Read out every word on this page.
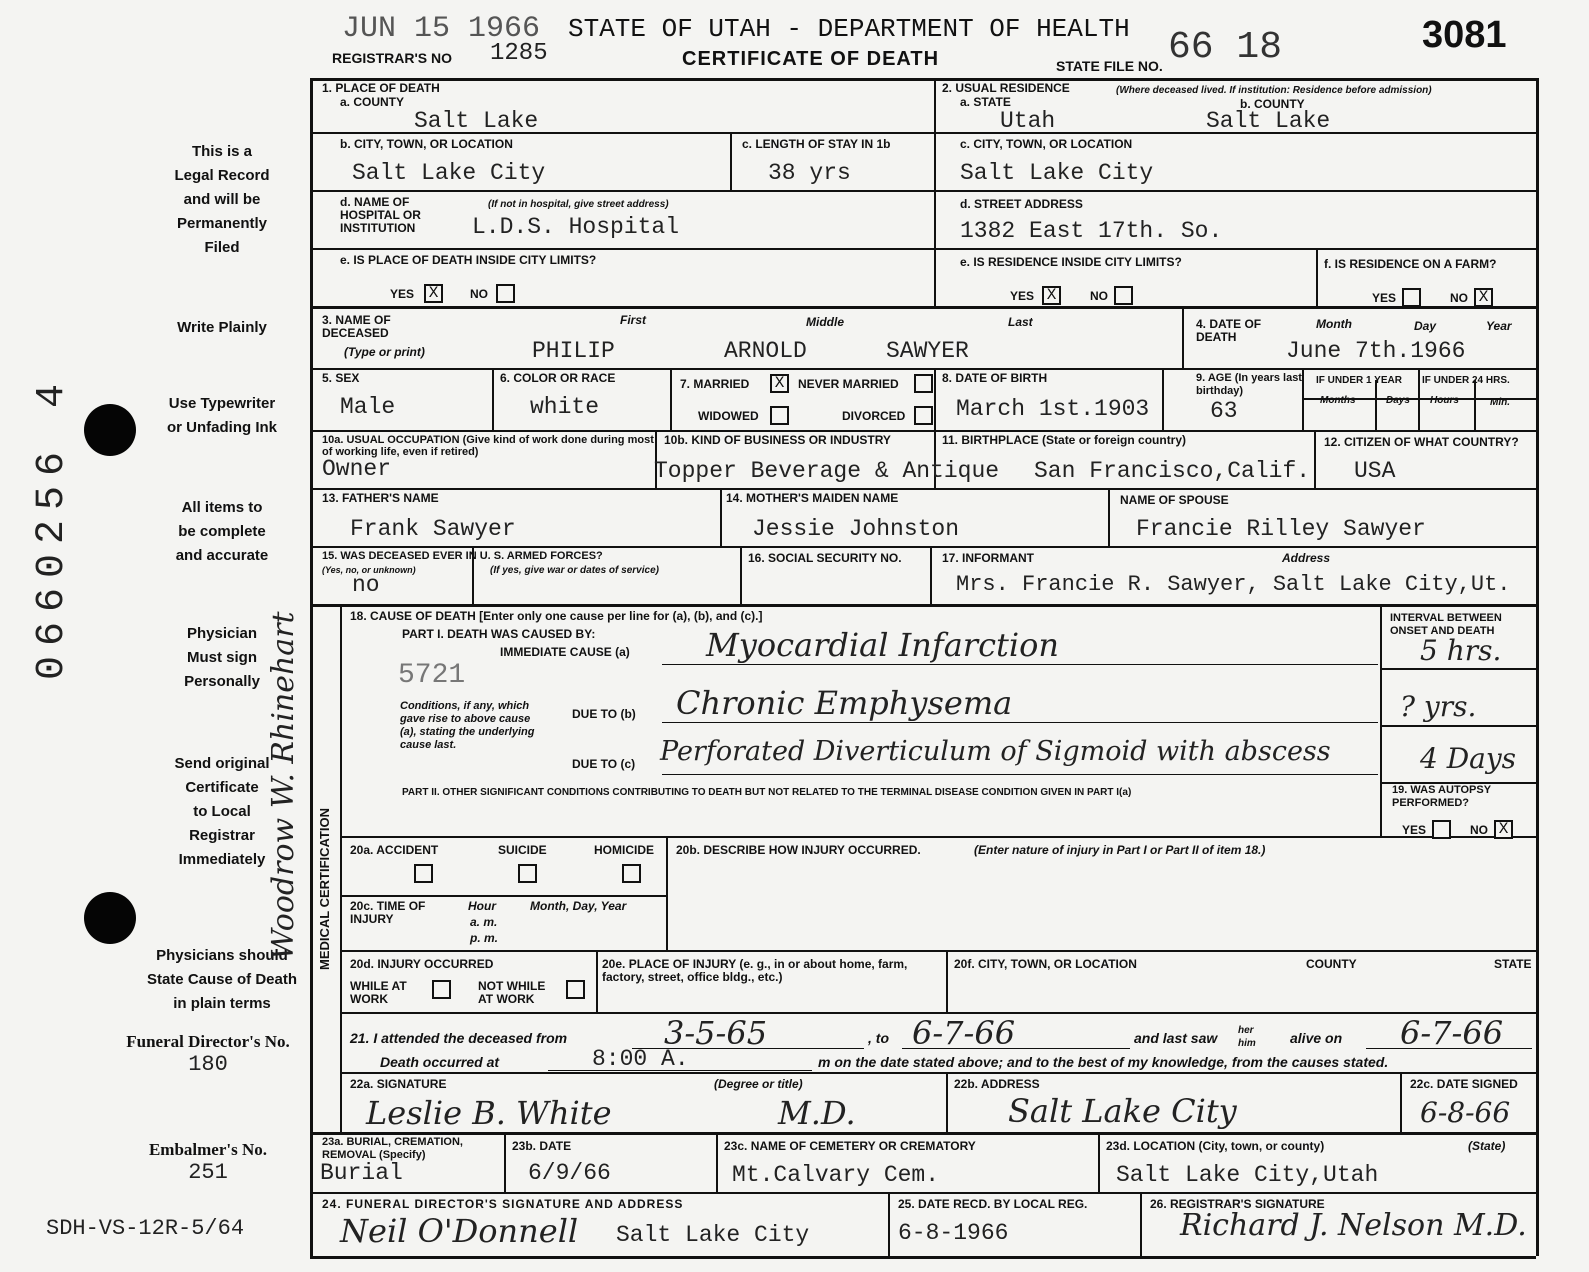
JUN 15 1966
REGISTRAR'S NO 1285
STATE OF UTAH - DEPARTMENT OF HEALTH
CERTIFICATE OF DEATH	STATE FILE NO. 66 18	3081
This is a
Legal Record
and will be
Permanently
Filed
Write Plainly
Use Typewriter
or Unfading Ink
All items to
be complete
and accurate
Physician
Must sign
Personally
Send original
Certificate
to Local
Registrar
Immediately
Physicians should
State Cause of Death
in plain terms
Funeral Director's No.
180
Embalmer's No.
251
SDH-VS-12R-5/64
0660256 4
Woodrow W. Rhinehart
1. PLACE OF DEATH
a. COUNTY
Salt Lake
2. USUAL RESIDENCE	(Where deceased lived. If institution: Residence before admission)
a. STATE	b. COUNTY
Utah	Salt Lake
b. CITY, TOWN, OR LOCATION
Salt Lake City
c. LENGTH OF STAY IN 1b
38 yrs
c. CITY, TOWN, OR LOCATION
Salt Lake City
d. NAME OF HOSPITAL OR INSTITUTION
(If not in hospital, give street address)
L.D.S. Hospital
d. STREET ADDRESS
1382 East 17th. So.
e. IS PLACE OF DEATH INSIDE CITY LIMITS?
YES X	NO
e. IS RESIDENCE INSIDE CITY LIMITS?
YES X	NO
f. IS RESIDENCE ON A FARM?
YES	NO X
3. NAME OF DECEASED
(Type or print)
First	Middle	Last
PHILIP	ARNOLD	SAWYER
4. DATE OF DEATH
Month	Day	Year
June 7th.1966
5. SEX
Male
6. COLOR OR RACE
white
7. MARRIED X	NEVER MARRIED
WIDOWED	DIVORCED
8. DATE OF BIRTH
March 1st.1903
9. AGE (In years last birthday)
63
IF UNDER 1 YEAR IF UNDER 24 HRS.
Months	Days Hours	Min.
10a. USUAL OCCUPATION (Give kind of work done during most of working life, even if retired)
Owner
10b. KIND OF BUSINESS OR INDUSTRY
Topper Beverage & Antique
11. BIRTHPLACE (State or foreign country)
San Francisco,Calif.
12. CITIZEN OF WHAT COUNTRY?
USA
13. FATHER'S NAME
Frank Sawyer
14. MOTHER'S MAIDEN NAME
Jessie Johnston
NAME OF SPOUSE
Francie Rilley Sawyer
15. WAS DECEASED EVER IN U. S. ARMED FORCES?
(Yes, no, or unknown)	(If yes, give war or dates of service)
no
16. SOCIAL SECURITY NO.	17. INFORMANT	Address
Mrs. Francie R. Sawyer, Salt Lake City,Ut.
MEDICAL CERTIFICATION
18. CAUSE OF DEATH [Enter only one cause per line for (a), (b), and (c).]
PART I. DEATH WAS CAUSED BY:
IMMEDIATE CAUSE (a) Myocardial Infarction
5721
Conditions, if any, which gave rise to above cause (a), stating the underlying cause last.
DUE TO (b) Chronic Emphysema
DUE TO (c) Perforated Diverticulum of Sigmoid with abscess
INTERVAL BETWEEN ONSET AND DEATH
5 hrs.
? yrs.
4 Days
PART II. OTHER SIGNIFICANT CONDITIONS CONTRIBUTING TO DEATH BUT NOT RELATED TO THE TERMINAL DISEASE CONDITION GIVEN IN PART I(a)	19. WAS AUTOPSY PERFORMED?
YES	NO X
20a. ACCIDENT	SUICIDE	HOMICIDE 20b. DESCRIBE HOW INJURY OCCURRED.	(Enter nature of injury in Part I or Part II of item 18.)
20c. TIME OF INJURY
Hour
a. m.
p. m.
Month, Day, Year
20d. INJURY OCCURRED
WHILE AT WORK
NOT WHILE AT WORK
20e. PLACE OF INJURY (e. g., in or about home, farm, factory, street, office bldg., etc.)
20f. CITY, TOWN, OR LOCATION	COUNTY	STATE
21. I attended the deceased from	3-5-65	, to 6-7-66	and last saw her him	alive on 6-7-66
Death occurred at	8:00 A.	m on the date stated above; and to the best of my knowledge, from the causes stated.
22a. SIGNATURE
Leslie B. White
(Degree or title)
M.D.
22b. ADDRESS
Salt Lake City
22c. DATE SIGNED
6-8-66
23a. BURIAL, CREMATION, REMOVAL (Specify)
Burial
23b. DATE
6/9/66
23c. NAME OF CEMETERY OR CREMATORY
Mt.Calvary Cem.
23d. LOCATION (City, town, or county)	(State)
Salt Lake City,Utah
24. FUNERAL DIRECTOR'S SIGNATURE AND ADDRESS
Neil O'Donnell Salt Lake City
25. DATE RECD. BY LOCAL REG.
6-8-1966
26. REGISTRAR'S SIGNATURE
Richard J. Nelson M.D.
